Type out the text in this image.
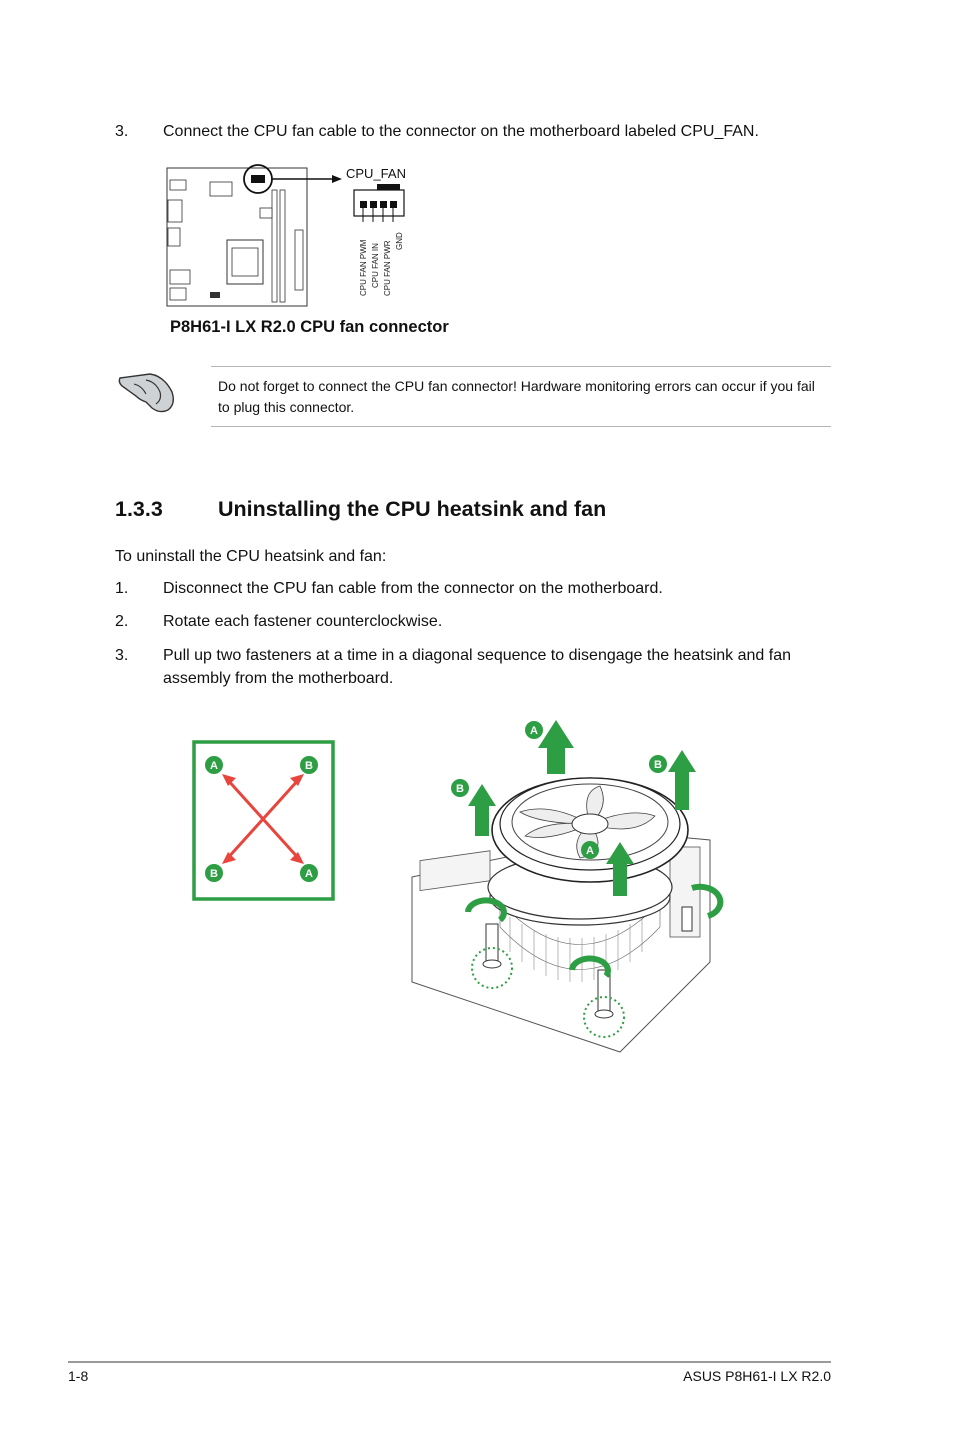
3. Connect the CPU fan cable to the connector on the motherboard labeled CPU_FAN.
CPU FAN PWM CPU FAN IN CPU FAN PWR GND
CPU_FAN
P8H61-I LX R2.0 CPU fan connector
Do not forget to connect the CPU fan connector! Hardware monitoring errors can occur if you fail to plug this connector.
1.3.3	Uninstalling the CPU heatsink and fan
To uninstall the CPU heatsink and fan:
1. Disconnect the CPU fan cable from the connector on the motherboard.
2. Rotate each fastener counterclockwise.
3. Pull up two fasteners at a time in a diagonal sequence to disengage the heatsink and fan assembly from the motherboard.
A	B
B	A
A
B
B
A
1-8	ASUS P8H61-I LX R2.0
